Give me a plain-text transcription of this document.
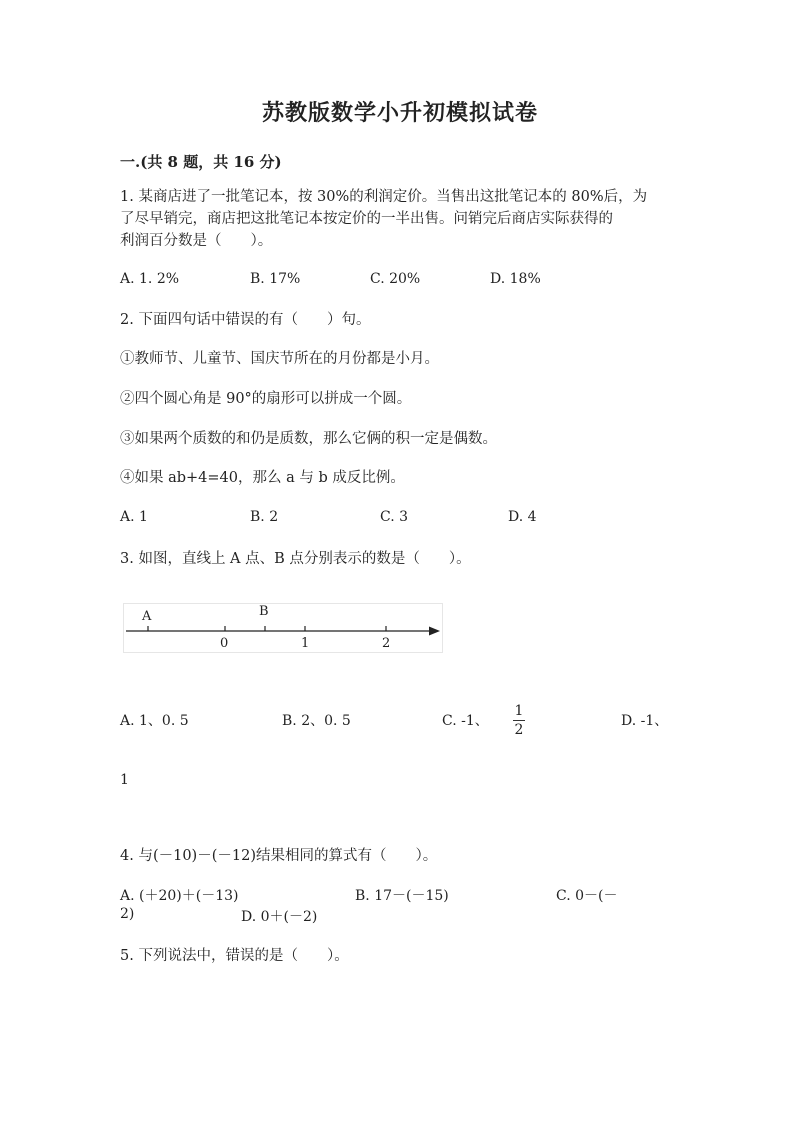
苏教版数学小升初模拟试卷
一.(共 8 题，共 16 分)
1. 某商店进了一批笔记本，按 30%的利润定价。当售出这批笔记本的 80%后，为
了尽早销完，商店把这批笔记本按定价的一半出售。问销完后商店实际获得的
利润百分数是（　　）。
A. 1. 2%	B. 17%	C. 20%	D. 18%
2. 下面四句话中错误的有（　　）句。
①教师节、儿童节、国庆节所在的月份都是小月。
②四个圆心角是 90°的扇形可以拼成一个圆。
③如果两个质数的和仍是质数，那么它俩的积一定是偶数。
④如果 ab+4=40，那么 a 与 b 成反比例。
A. 1	B. 2	C. 3	D. 4
3. 如图，直线上 A 点、B 点分别表示的数是（　　）。
A	B
0	1	2
A. 1、0. 5	B. 2、0. 5	C. -1、
1
2
D. -1、
1
4. 与(－10)－(－12)结果相同的算式有（　　）。
A. (＋20)＋(－13)	B. 17－(－15)	C. 0－(－
2)	D. 0＋(－2)
5. 下列说法中，错误的是（　　）。
